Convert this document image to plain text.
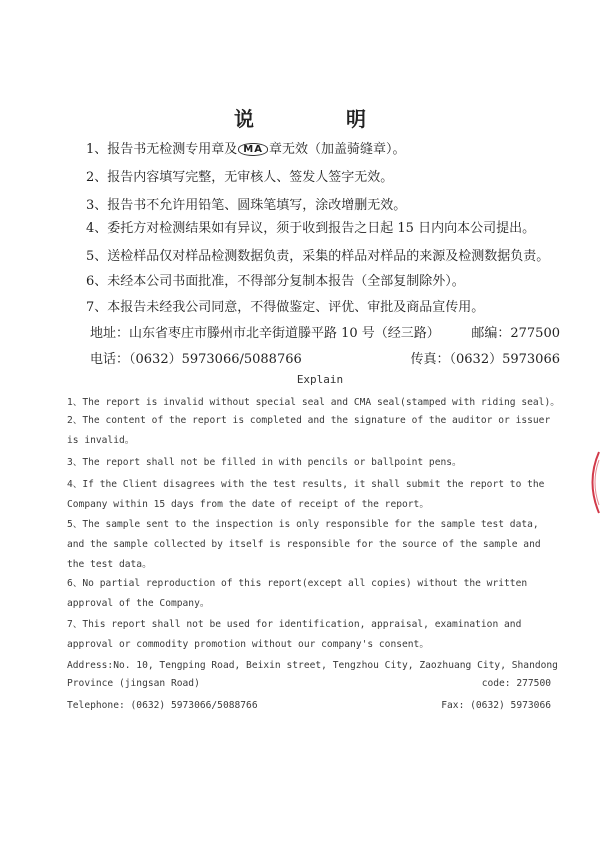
​
说	明
1、报告书无检测专用章及 MA 章无效（加盖骑缝章）。
2、报告内容填写完整，无审核人、签发人签字无效。
3、报告书不允许用铅笔、圆珠笔填写，涂改增删无效。
4、委托方对检测结果如有异议，须于收到报告之日起 15 日内向本公司提出。
5、送检样品仅对样品检测数据负责，采集的样品对样品的来源及检测数据负责。
6、未经本公司书面批准，不得部分复制本报告（全部复制除外）。
7、本报告未经我公司同意，不得做鉴定、评优、审批及商品宣传用。
地址：山东省枣庄市滕州市北辛街道滕平路 10 号（经三路） 邮编：277500
电话：（0632）5973066/5088766	传真：（0632）5973066
Explain
1、The report is invalid without special seal and CMA seal(stamped with riding seal)。
2、The content of the report is completed and the signature of the auditor or issuer
is invalid。
3、The report shall not be filled in with pencils or ballpoint pens。
4、If the Client disagrees with the test results, it shall submit the report to the
Company within 15 days from the date of receipt of the report。
5、The sample sent to the inspection is only responsible for the sample test data,
and the sample collected by itself is responsible for the source of the sample and
the test data。
6、No partial reproduction of this report(except all copies) without the written
approval of the Company。
7、This report shall not be used for identification, appraisal, examination and
approval or commodity promotion without our company's consent。
Address:No. 10, Tengping Road, Beixin street, Tengzhou City, Zaozhuang City, Shandong
Province (jingsan Road)	code: 277500
Telephone: (0632) 5973066/5088766	Fax: (0632) 5973066
